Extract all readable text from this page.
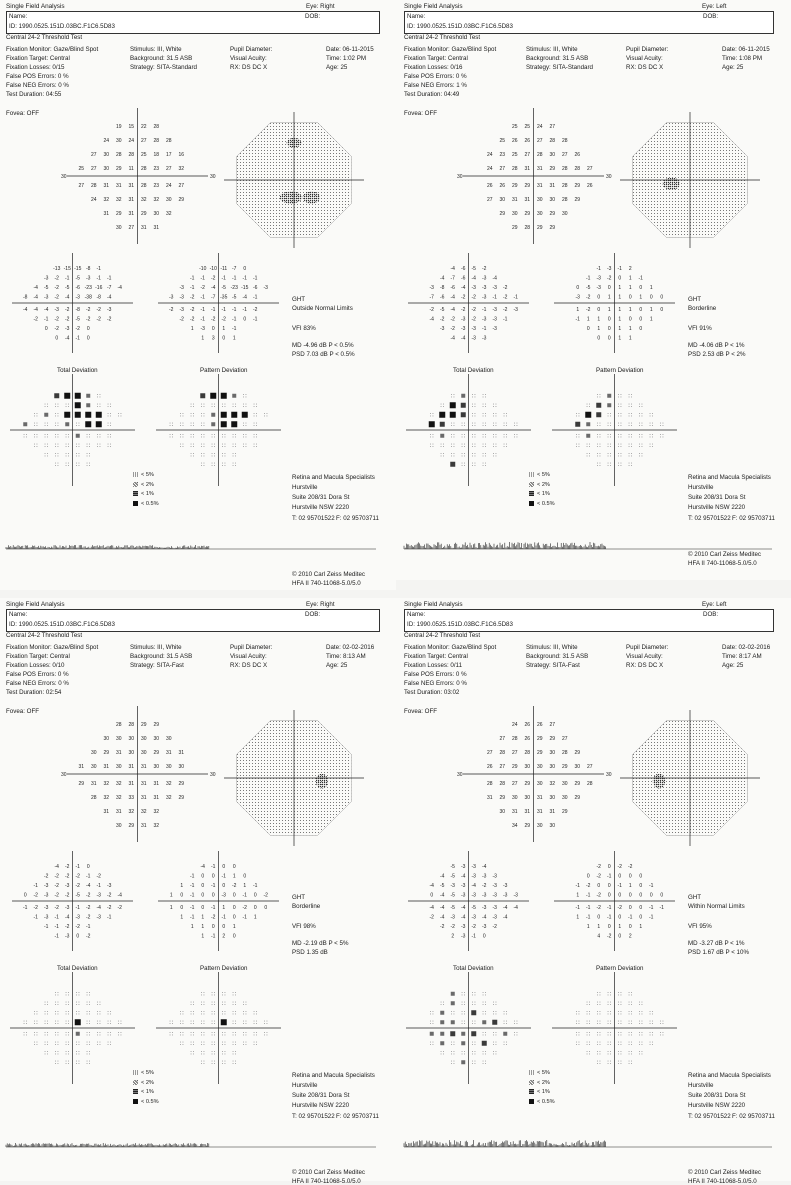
Single Field Analysis	Eye: Right
Name:	DOB:
ID: 1990.0525.151D.03BC.F1C6.5D83
Central 24-2 Threshold Test
Fixation Monitor: Gaze/Blind Spot
Fixation Target: Central
Fixation Losses: 0/15
False POS Errors: 0 %
False NEG Errors: 0 %
Test Duration: 04:55
Fovea: OFF
Stimulus: III, White
Background: 31.5 ASB
Strategy: SITA-Standard
Pupil Diameter:
Visual Acuity:
RX: DS DC X
Date: 06-11-2015
Time: 1:02 PM
Age: 25
30	30
19 15 22 28
24 30 24 27 28 28
27 30 28 28 25 18 17 16
25 27 30 29 11 28 23 27 32
27 28 31 31 31 28 23 24 27
24 32 32 31 32 32 30 29
31 29 31 29 30 32
30 27 31 31
-13 -15 -15 -8 -1
-3 -2 -1 -5 -3 -1 -1
-4 -5 -2 -5 -6 -23 -16 -7 -4
-8 -4 -3 -2 -4 -3 -38 -8 -4
-4 -4 -4 -3 -2 -8 -2 -2 -3
-2 -1 -2 -2 -5 -2 -2 -2
0 -2 -3 -2 0
0 -4 -1 0
-10 -10 -11 -7 0
-1 -1 -2 -1 -1 -1 -1
-3 -1 -2 -4 -5 -23 -15 -6 -3
-3 -3 -2 -1 -7 -35 -5 -4 -1
-2 -3 -2 -1 -1 -1 -1 -1 -2
-2 -2 -1 -2 -2 -1 0 -1
1 -3 0 1 -1
1 3 0 1
GHT
Outside Normal Limits
VFI 83%
MD -4.96 dB P < 0.5%
PSD 7.03 dB P < 0.5%
Total Deviation	Pattern Deviation
< 5%
< 2%
< 1%
< 0.5%
Retina and Macula Specialists
Hurstville
Suite 208/31 Dora St
Hurstville NSW 2220
T: 02 95701522 F: 02 95703711
© 2010 Carl Zeiss Meditec
HFA II 740-11068-5.0/5.0
Single Field Analysis	Eye: Left
Name:	DOB:
ID: 1990.0525.151D.03BC.F1C6.5D83
Central 24-2 Threshold Test
Fixation Monitor: Gaze/Blind Spot
Fixation Target: Central
Fixation Losses: 0/16
False POS Errors: 0 %
False NEG Errors: 1 %
Test Duration: 04:49
Fovea: OFF
Stimulus: III, White
Background: 31.5 ASB
Strategy: SITA-Standard
Pupil Diameter:
Visual Acuity:
RX: DS DC X
Date: 06-11-2015
Time: 1:08 PM
Age: 25
30	30
25 25 24 27
25 26 26 27 28 28
24 23 25 27 28 30 27 26
24 27 28 31 31 29 28 28 27
26 26 29 29 31 31 28 29 26
27 30 31 31 30 30 28 29
29 30 29 30 29 30
29 28 29 29
-4 -6 -5 -2
-4 -7 -6 -4 -3 -4
-3 -8 -6 -4 -3 -3 -3 -2
-7 -6 -4 -2 -2 -3 -1 -2 -1
-2 -5 -4 -2 -2 -1 -3 -2 -3
-4 -2 -2 -3 -2 -3 -3 -1
-3 -2 -3 -3 -1 -3
-4 -4 -3 -3
-1 -3 -1 2
-1 -3 -2 0 1 -1
0 -5 -3 0 1 1 0 1
-3 -2 0 1 1 0 1 0 0
1 -2 0 1 1 1 0 1 0
-1 1 1 0 1 0 0 1
0 1 0 1 1 0
0 0 1 1
GHT
Borderline
VFI 91%
MD -4.06 dB P < 1%
PSD 2.53 dB P < 2%
Total Deviation	Pattern Deviation
< 5%
< 2%
< 1%
< 0.5%
Retina and Macula Specialists
Hurstville
Suite 208/31 Dora St
Hurstville NSW 2220
T: 02 95701522 F: 02 95703711
© 2010 Carl Zeiss Meditec
HFA II 740-11068-5.0/5.0
Single Field Analysis	Eye: Right
Name:	DOB:
ID: 1990.0525.151D.03BC.F1C6.5D83
Central 24-2 Threshold Test
Fixation Monitor: Gaze/Blind Spot
Fixation Target: Central
Fixation Losses: 0/10
False POS Errors: 0 %
False NEG Errors: 0 %
Test Duration: 02:54
Fovea: OFF
Stimulus: III, White
Background: 31.5 ASB
Strategy: SITA-Fast
Pupil Diameter:
Visual Acuity:
RX: DS DC X
Date: 02-02-2016
Time: 8:13 AM
Age: 25
30	30
28 28 29 29
30 30 30 30 30 30
30 29 31 30 30 29 31 31
31 30 31 30 31 31 30 30 30
29 31 32 32 31 31 31 32 29
28 32 32 33 31 31 32 29
31 31 32 32 32
30 29 31 32
-4 -2 -1 0
-2 -2 -2 -2 -1 -2
-1 -3 -2 -3 -2 -4 -1 -3
0 -2 -3 -2 -2 -5 -2 -3 -2 -4
-1 -2 -3 -2 -3 -1 -2 -4 -2 -2
-1 -3 -1 -4 -3 -2 -3 -1
-1 -1 -2 -2 -1
-1 -3 0 -2
-4 -1 0 0
-1 0 0 -1 1 0
1 -1 0 -1 0 -2 1 -1
1 0 -1 0 0 -3 0 -1 0 -2
1 0 -1 0 -1 1 0 -2 0 0
1 -1 1 -2 -1 0 -1 1
1 1 0 0 1
1 -1 2 0
GHT
Borderline
VFI 98%
MD -2.19 dB P < 5%
PSD 1.35 dB
Total Deviation	Pattern Deviation
< 5%
< 2%
< 1%
< 0.5%
Retina and Macula Specialists
Hurstville
Suite 208/31 Dora St
Hurstville NSW 2220
T: 02 95701522 F: 02 95703711
© 2010 Carl Zeiss Meditec
HFA II 740-11068-5.0/5.0
Single Field Analysis	Eye: Left
Name:	DOB:
ID: 1990.0525.151D.03BC.F1C6.5D83
Central 24-2 Threshold Test
Fixation Monitor: Gaze/Blind Spot
Fixation Target: Central
Fixation Losses: 0/11
False POS Errors: 0 %
False NEG Errors: 0 %
Test Duration: 03:02
Fovea: OFF
Stimulus: III, White
Background: 31.5 ASB
Strategy: SITA-Fast
Pupil Diameter:
Visual Acuity:
RX: DS DC X
Date: 02-02-2016
Time: 8:17 AM
Age: 25
30	30
24 26 26 27
27 28 26 29 29 27
27 28 27 28 29 30 28 29
26 27 29 30 30 30 29 30 27
28 28 27 29 30 32 30 29 28
31 29 30 30 31 30 30 29
30 31 31 31 31 29
34 29 30 30
-5 -3 -3 -4
-4 -5 -4 -3 -3 -3
-4 -5 -3 -3 -4 -2 -3 -3
0 -4 -5 -3 -3 -3 -3 -3 -3
-4 -4 -5 -4 -5 -3 -3 -4 -4
-2 -4 -3 -4 -3 -4 -3 -4
-2 -2 -3 -2 -3 -2
2 -3 -1 0
-2 0 -2 -2
0 -2 -1 0 0 0
-1 -2 0 0 -1 1 0 -1
1 -1 -2 0 0 0 0 0 0
-1 -1 -2 -1 -2 0 0 -1 -1
1 -1 0 -1 0 -1 0 -1
1 1 0 1 0 1
4 -2 0 2
GHT
Within Normal Limits
VFI 95%
MD -3.27 dB P < 1%
PSD 1.67 dB P < 10%
Total Deviation	Pattern Deviation
< 5%
< 2%
< 1%
< 0.5%
Retina and Macula Specialists
Hurstville
Suite 208/31 Dora St
Hurstville NSW 2220
T: 02 95701522 F: 02 95703711
© 2010 Carl Zeiss Meditec
HFA II 740-11068-5.0/5.0
